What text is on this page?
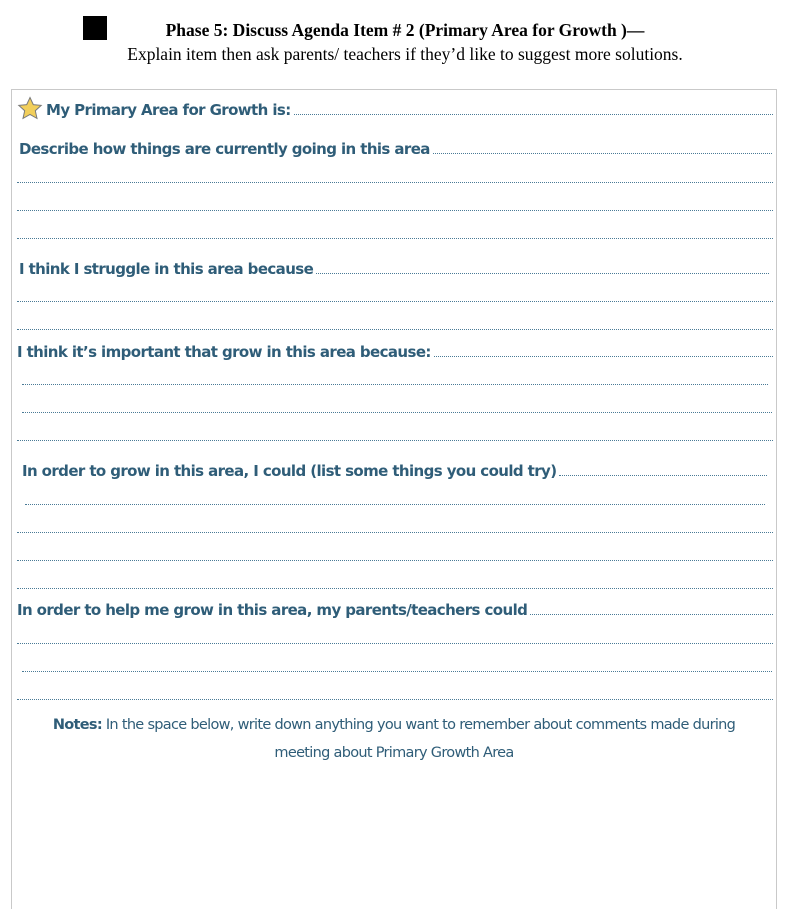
Phase 5: Discuss Agenda Item # 2 (Primary Area for Growth )—
Explain item then ask parents/ teachers if they’d like to suggest more solutions.
My Primary Area for Growth is:
Describe how things are currently going in this area
I think I struggle in this area because
I think it’s important that grow in this area because:
In order to grow in this area, I could (list some things you could try)
In order to help me grow in this area, my parents/teachers could
Notes: In the space below, write down anything you want to remember about comments made during meeting about Primary Growth Area
